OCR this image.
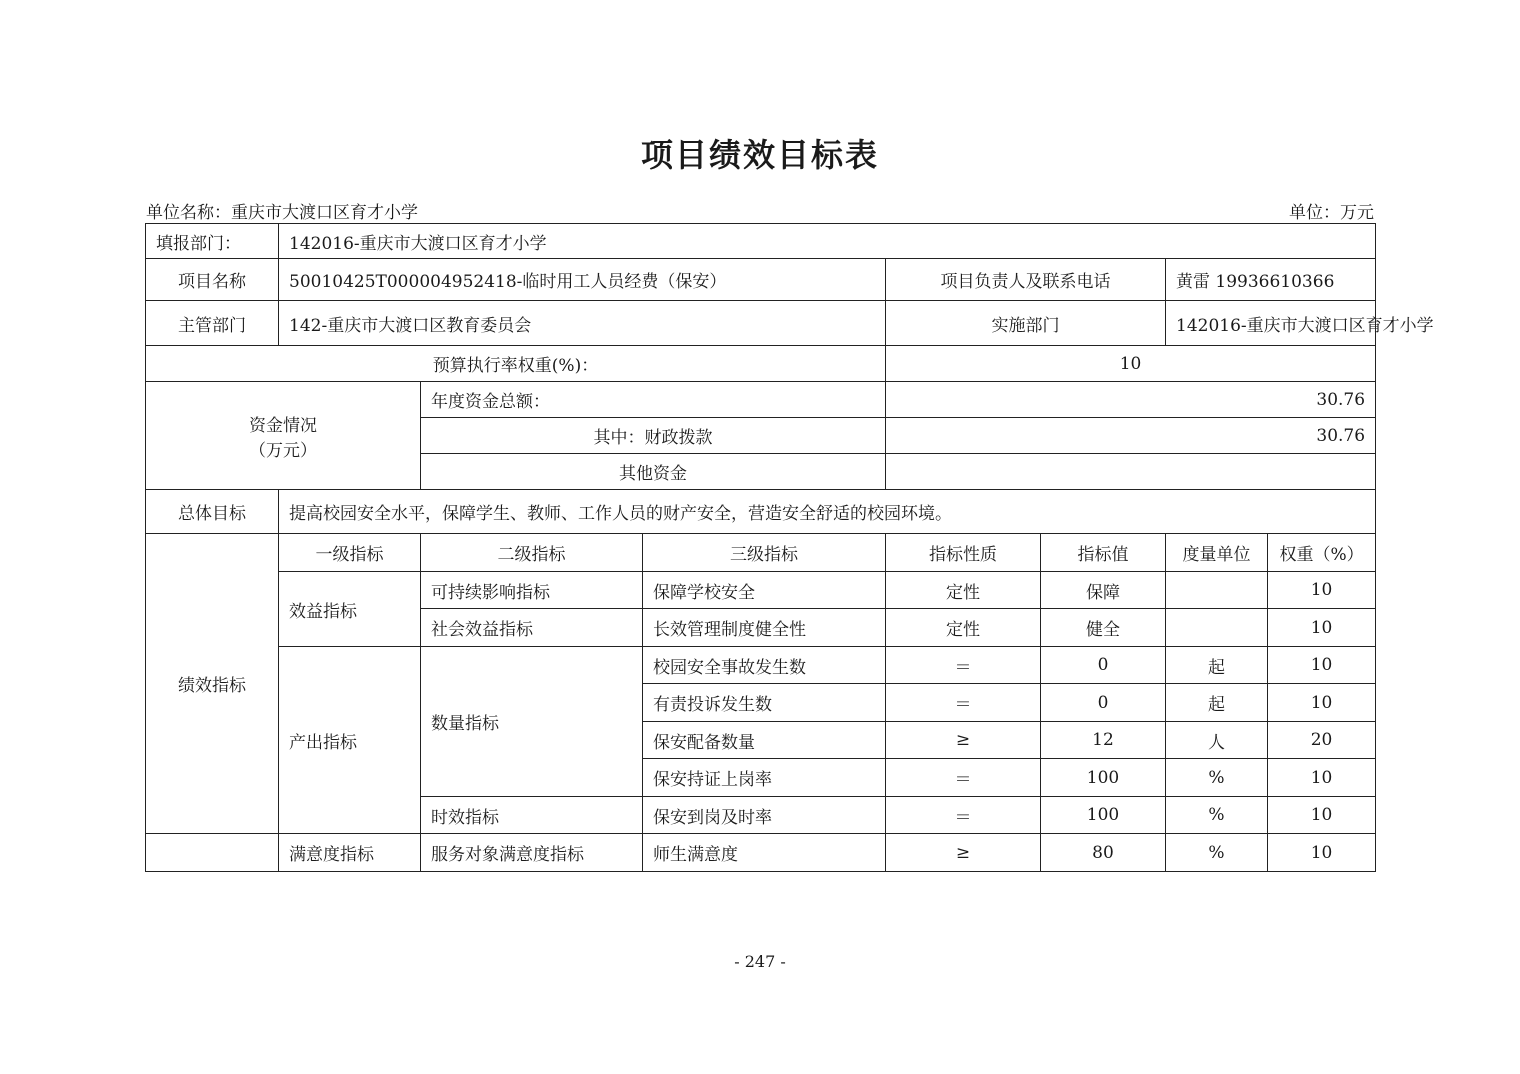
项目绩效目标表
单位名称：重庆市大渡口区育才小学	单位：万元
填报部门：	142016-重庆市大渡口区育才小学						
项目名称	50010425T000004952418-临时用工人员经费（保安）			项目负责人及联系电话		黄雷 19936610366	
主管部门	142-重庆市大渡口区教育委员会			实施部门		142016-重庆市大渡口区育才小学	
预算执行率权重(%)：				10			

资金情况
（万元）		年度资金总额：		30.76			
		其中：财政拨款		30.76			
		其他资金					
总体目标	提高校园安全水平，保障学生、教师、工作人员的财产安全，营造安全舒适的校园环境。						
绩效指标	一级指标	二级指标	三级指标	指标性质	指标值	度量单位	权重（%）
	效益指标	可持续影响指标	保障学校安全	定性	保障		10
		社会效益指标	长效管理制度健全性	定性	健全		10
	产出指标	数量指标	校园安全事故发生数	＝	0	起	10
			有责投诉发生数	＝	0	起	10
			保安配备数量	≥	12	人	20
			保安持证上岗率	＝	100	%	10
		时效指标	保安到岗及时率	＝	100	%	10
	满意度指标	服务对象满意度指标	师生满意度	≥	80	%	10
- 247 -
